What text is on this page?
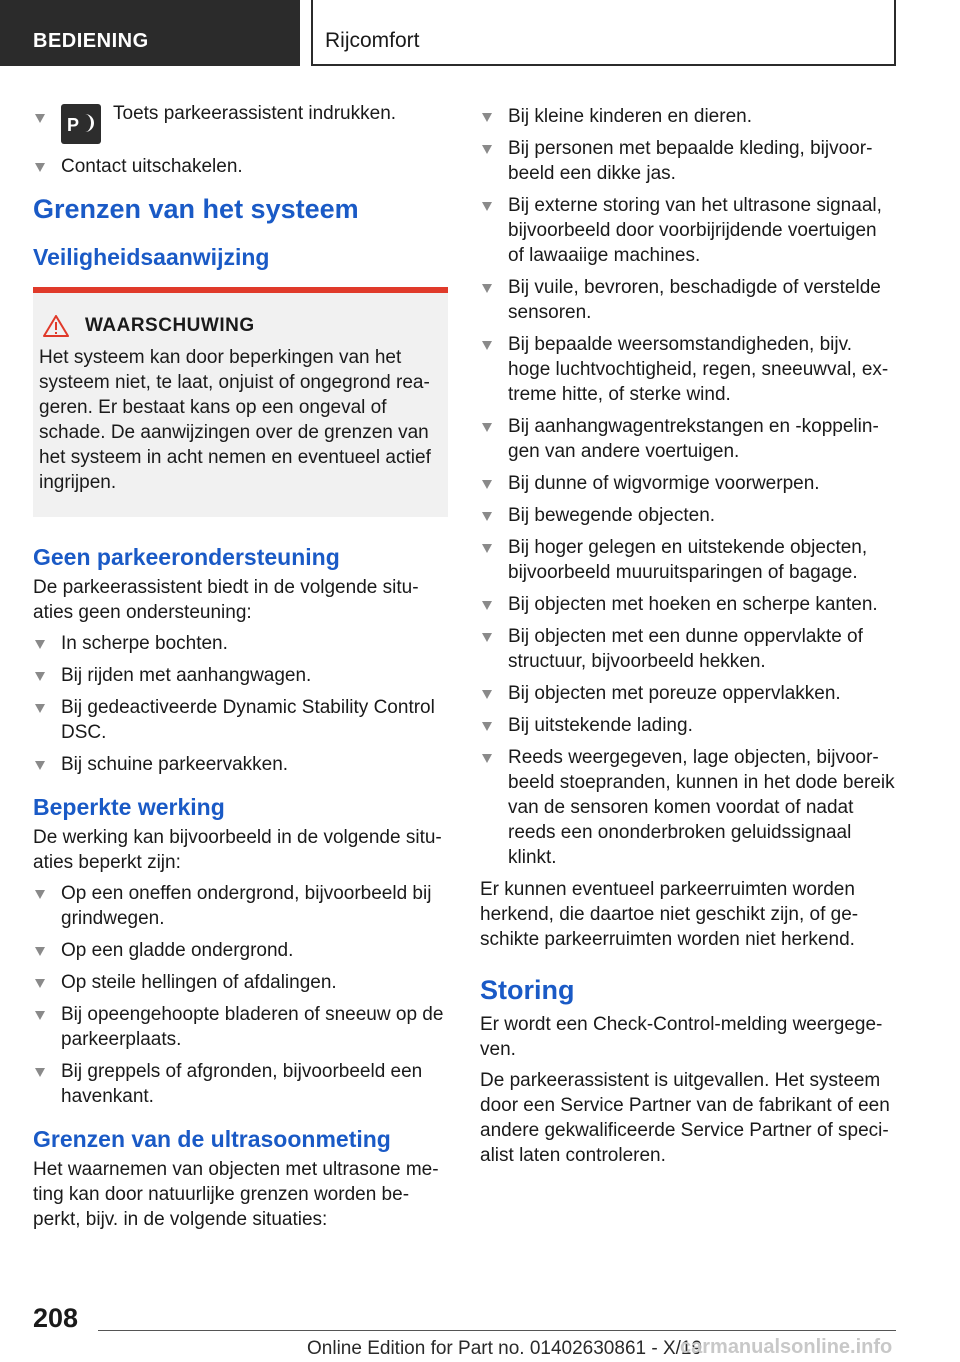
BEDIENING	Rijcomfort
P
Toets parkeerassistent indrukken.
Contact uitschakelen.
Grenzen van het systeem
Veiligheidsaanwijzing
WAARSCHUWING
Het systeem kan door beperkingen van het systeem niet, te laat, onjuist of ongegrond reageren. Er bestaat kans op een ongeval of schade. De aanwijzingen over de grenzen van het systeem in acht nemen en eventueel actief ingrijpen.
Geen parkeerondersteuning

De parkeerassistent biedt in de volgende situaties geen ondersteuning:

In scherpe bochten.
Bij rijden met aanhangwagen.
Bij gedeactiveerde Dynamic Stability Control DSC.
Bij schuine parkeervakken.
Beperkte werking

De werking kan bijvoorbeeld in de volgende situaties beperkt zijn:

Op een oneffen ondergrond, bijvoorbeeld bij grindwegen.
Op een gladde ondergrond.
Op steile hellingen of afdalingen.
Bij opeengehoopte bladeren of sneeuw op de parkeerplaats.
Bij greppels of afgronden, bijvoorbeeld een havenkant.
Grenzen van de ultrasoonmeting

Het waarnemen van objecten met ultrasone meting kan door natuurlijke grenzen worden beperkt, bijv. in de volgende situaties:

Bij kleine kinderen en dieren.
Bij personen met bepaalde kleding, bijvoorbeeld een dikke jas.
Bij externe storing van het ultrasone signaal, bijvoorbeeld door voorbijrijdende voertuigen of lawaaiige machines.
Bij vuile, bevroren, beschadigde of verstelde sensoren.
Bij bepaalde weersomstandigheden, bijv. hoge luchtvochtigheid, regen, sneeuwval, extreme hitte, of sterke wind.
Bij aanhangwagentrekstangen en -koppelingen van andere voertuigen.
Bij dunne of wigvormige voorwerpen.
Bij bewegende objecten.
Bij hoger gelegen en uitstekende objecten, bijvoorbeeld muuruitsparingen of bagage.
Bij objecten met hoeken en scherpe kanten.
Bij objecten met een dunne oppervlakte of structuur, bijvoorbeeld hekken.
Bij objecten met poreuze oppervlakken.
Bij uitstekende lading.
Reeds weergegeven, lage objecten, bijvoorbeeld stoepranden, kunnen in het dode bereik van de sensoren komen voordat of nadat reeds een ononderbroken geluidssignaal klinkt.

Er kunnen eventueel parkeerruimten worden herkend, die daartoe niet geschikt zijn, of geschikte parkeerruimten worden niet herkend.

Storing

Er wordt een Check-Control-melding weergegeven.

De parkeerassistent is uitgevallen. Het systeem door een Service Partner van de fabrikant of een andere gekwalificeerde Service Partner of specialist laten controleren.

208
Online Edition for Part no. 01402630861 - X/19
carmanualsonline.info
